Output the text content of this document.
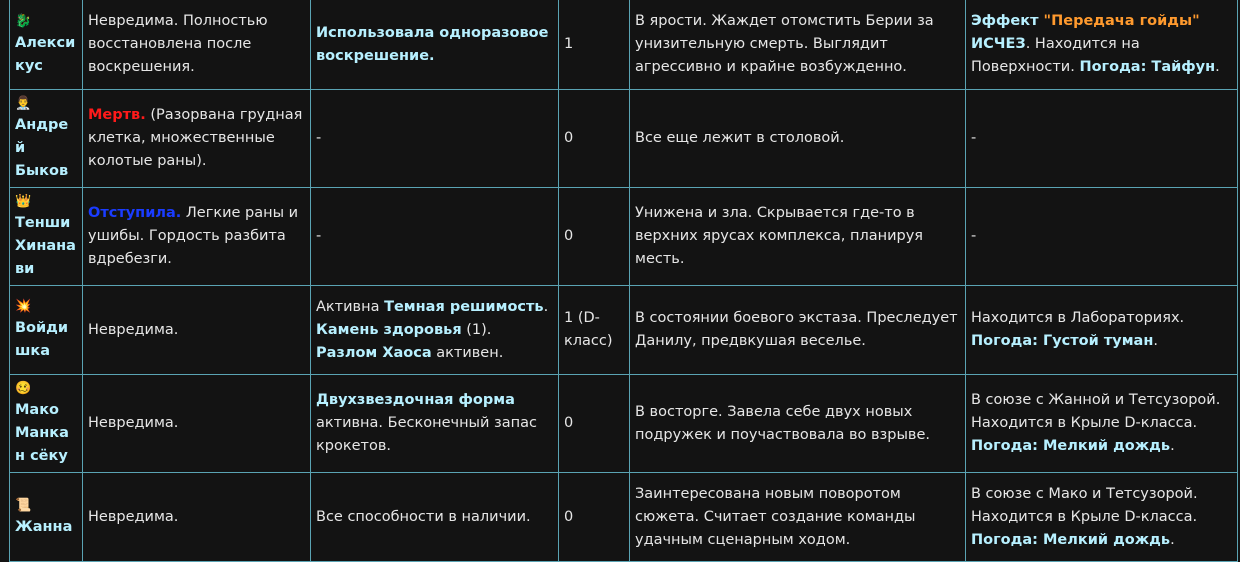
🐉
Алекси кус	Невредима. Полностью восстановлена после воскрешения.	Использовала одноразовое воскрешение.	1	В ярости. Жаждет отомстить Берии за унизительную смерть. Выглядит агрессивно и крайне возбужденно.	Эффект "Передача гойды" ИСЧЕЗ. Находится на Поверхности. Погода: Тайфун.

👨‍⚕️
Андрей Быков	Мертв. (Разорвана грудная клетка, множественные колотые раны).	-	0	Все еще лежит в столовой.	-

👑
Тенши Хинана ви	Отступила. Легкие раны и ушибы. Гордость разбита вдребезги.	-	0	Унижена и зла. Скрывается где-то в верхних ярусах комплекса, планируя месть.	-

💥
Войди шка	Невредима.	Активна Темная решимость. Камень здоровья (1). Разлом Хаоса активен.	1 (D-класс)	В состоянии боевого экстаза. Преследует Данилу, предвкушая веселье.	Находится в Лабораториях. Погода: Густой туман.

🥴
Мако Манкан сёку	Невредима.	Двухзвездочная форма активна. Бесконечный запас крокетов.	0	В восторге. Завела себе двух новых подружек и поучаствовала во взрыве.	В союзе с Жанной и Тетсузорой. Находится в Крыле D-класса. Погода: Мелкий дождь.

📜
Жанна	Невредима.	Все способности в наличии.	0	Заинтересована новым поворотом сюжета. Считает создание команды удачным сценарным ходом.	В союзе с Мако и Тетсузорой. Находится в Крыле D-класса. Погода: Мелкий дождь.
